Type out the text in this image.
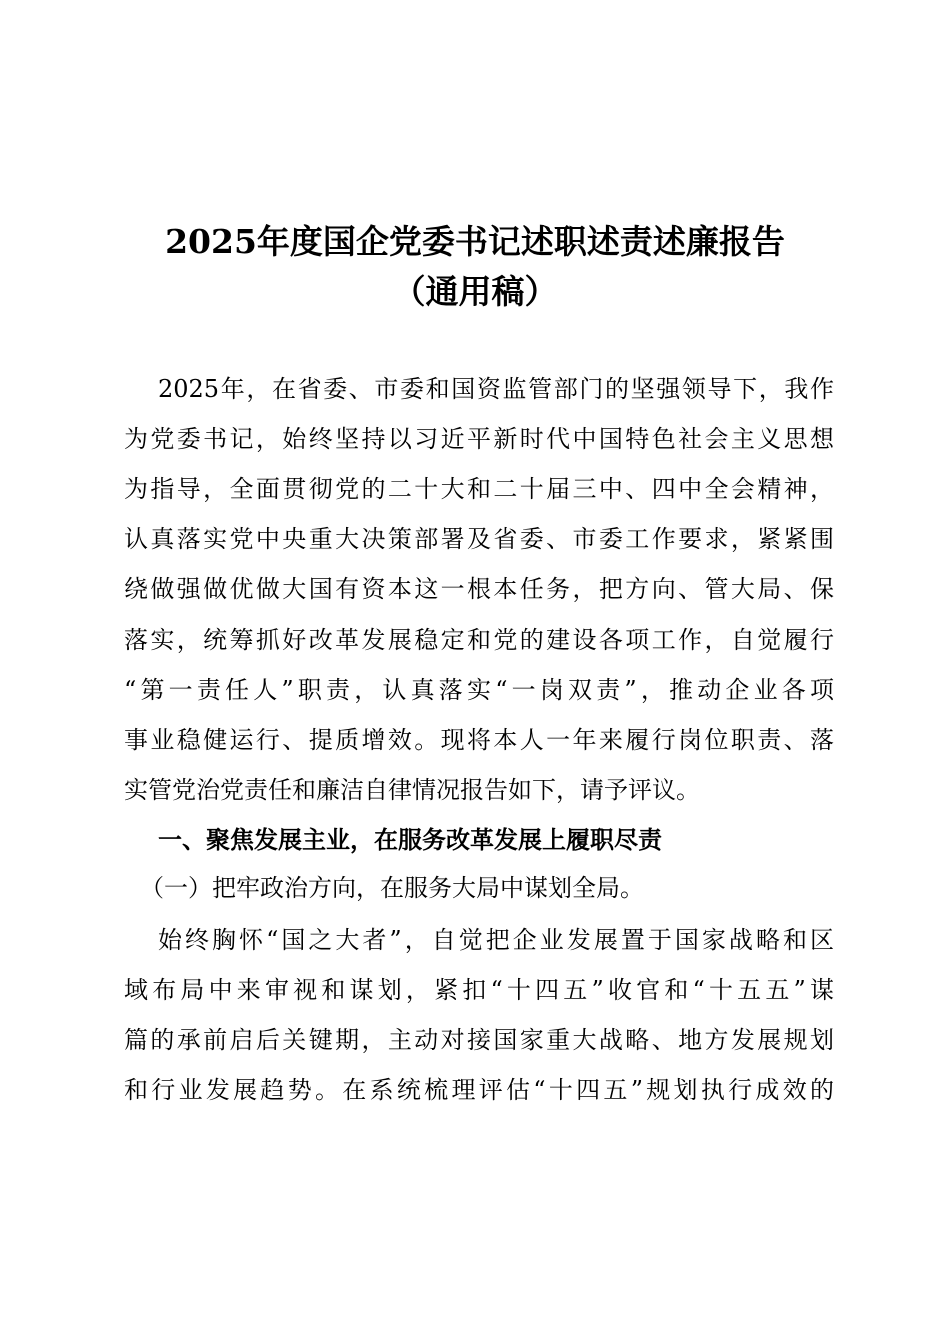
2025年度国企党委书记述职述责述廉报告
（通用稿）
2025年，在省委、市委和国资监管部门的坚强领导下，我作
为党委书记，始终坚持以习近平新时代中国特色社会主义思想
为指导，全面贯彻党的二十大和二十届三中、四中全会精神，
认真落实党中央重大决策部署及省委、市委工作要求，紧紧围
绕做强做优做大国有资本这一根本任务，把方向、管大局、保
落实，统筹抓好改革发展稳定和党的建设各项工作，自觉履行
“第一责任人”职责，认真落实“一岗双责”，推动企业各项
事业稳健运行、提质增效。现将本人一年来履行岗位职责、落
实管党治党责任和廉洁自律情况报告如下，请予评议。
一、聚焦发展主业，在服务改革发展上履职尽责
（一）把牢政治方向，在服务大局中谋划全局。
始终胸怀“国之大者”，自觉把企业发展置于国家战略和区
域布局中来审视和谋划，紧扣“十四五”收官和“十五五”谋
篇的承前启后关键期，主动对接国家重大战略、地方发展规划
和行业发展趋势。在系统梳理评估“十四五”规划执行成效的
